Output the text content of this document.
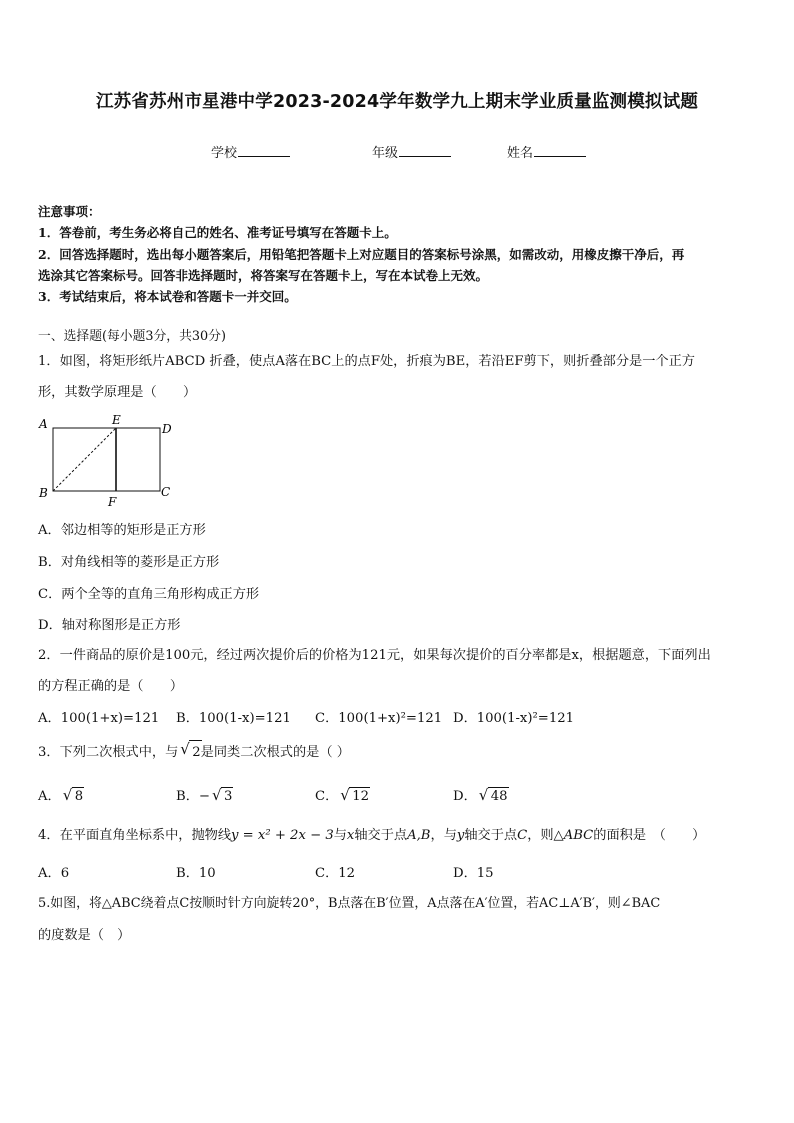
江苏省苏州市星港中学2023-2024学年数学九上期末学业质量监测模拟试题
学校	年级	姓名
注意事项：
1．答卷前，考生务必将自己的姓名、准考证号填写在答题卡上。
2．回答选择题时，选出每小题答案后，用铅笔把答题卡上对应题目的答案标号涂黑，如需改动，用橡皮擦干净后，再
选涂其它答案标号。回答非选择题时，将答案写在答题卡上，写在本试卷上无效。
3．考试结束后，将本试卷和答题卡一并交回。
一、选择题(每小题3分，共30分)
1．如图，将矩形纸片ABCD 折叠，使点A落在BC上的点F处，折痕为BE，若沿EF剪下，则折叠部分是一个正方
形，其数学原理是（　　）
A	E
D
B
F
C
A．邻边相等的矩形是正方形
B．对角线相等的菱形是正方形
C．两个全等的直角三角形构成正方形
D．轴对称图形是正方形
2．一件商品的原价是100元，经过两次提价后的价格为121元，如果每次提价的百分率都是x，根据题意，下面列出
的方程正确的是（　　）
A．100(1+x)=121 B．100(1-x)=121 C．100(1+x)²=121 D．100(1-x)²=121
3．下列二次根式中，与 √ 2是同类二次根式的是（ ）
A． √ 8	B．− √ 3	C． √ 12	D． √ 48
4．在平面直角坐标系中，抛物线y = x² + 2x − 3与x轴交于点A,B，与y轴交于点C，则△ABC的面积是　（　　）
A．6	B．10	C．12	D．15
5.如图，将△ABC绕着点C按顺时针方向旋转20°，B点落在B′位置，A点落在A′位置，若AC⊥A′B′，则∠BAC
的度数是（　）
